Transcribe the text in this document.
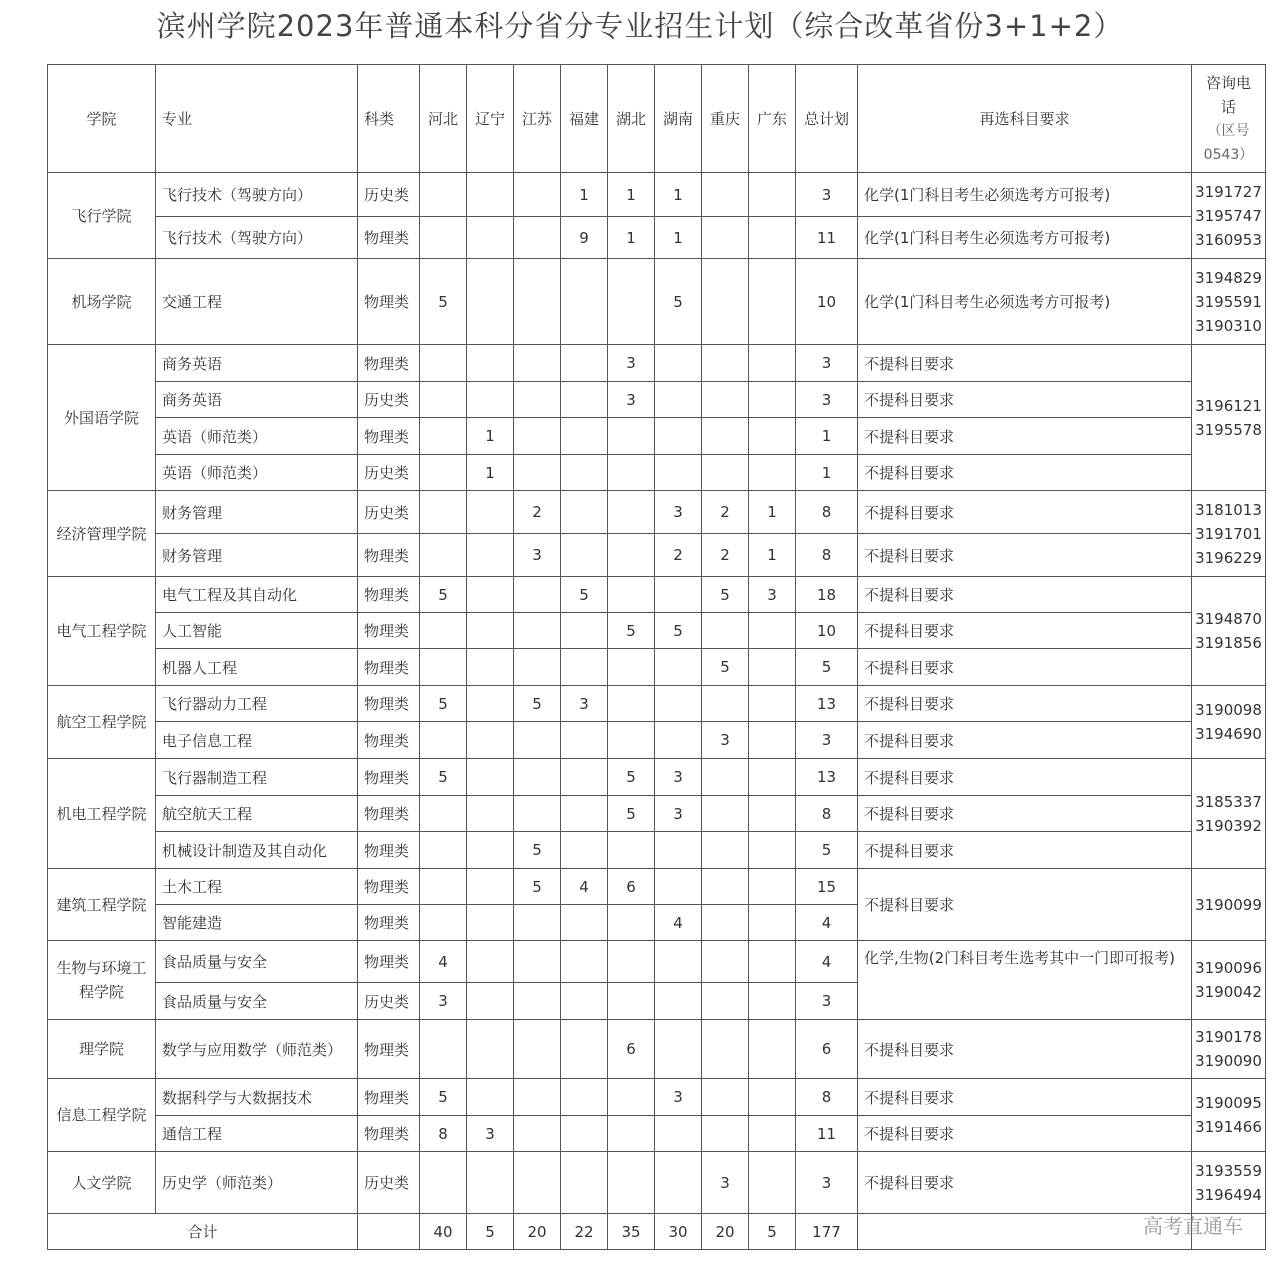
滨州学院2023年普通本科分省分专业招生计划（综合改革省份3+1+2）
学院	专业	科类	河北	辽宁	江苏	福建	湖北	湖南	重庆	广东	总计划	再选科目要求	咨询电
话
（区号
0543）

飞行学院	飞行技术（驾驶方向）	历史类				1	1	1			3	化学(1门科目考生必须选考方可报考)	3191727
3195747
3160953

	飞行技术（驾驶方向）	物理类				9	1	1			11	化学(1门科目考生必须选考方可报考)	
机场学院	交通工程	物理类	5					5			10	化学(1门科目考生必须选考方可报考)	3194829
3195591
3190310

外国语学院	商务英语	物理类					3				3	不提科目要求	3196121
3195578

	商务英语	历史类					3				3	不提科目要求	
	英语（师范类）	物理类		1							1	不提科目要求	
	英语（师范类）	历史类		1							1	不提科目要求	
经济管理学院	财务管理	历史类			2			3	2	1	8	不提科目要求	3181013
3191701
3196229

	财务管理	物理类			3			2	2	1	8	不提科目要求	
电气工程学院	电气工程及其自动化	物理类	5			5			5	3	18	不提科目要求	3194870
3191856

	人工智能	物理类					5	5			10	不提科目要求	
	机器人工程	物理类							5		5	不提科目要求	
航空工程学院	飞行器动力工程	物理类	5		5	3					13	不提科目要求	3190098
3194690

	电子信息工程	物理类							3		3	不提科目要求	
机电工程学院	飞行器制造工程	物理类	5				5	3			13	不提科目要求	3185337
3190392

	航空航天工程	物理类					5	3			8	不提科目要求	
	机械设计制造及其自动化	物理类			5						5	不提科目要求	
建筑工程学院	土木工程	物理类			5	4	6				15	不提科目要求	3190099

	智能建造	物理类						4			4		
生物与环境工程学院	食品质量与安全	物理类	4								4	化学,生物(2门科目考生选考其中一门即可报考)	3190096
3190042

	食品质量与安全	历史类	3								3		
理学院	数学与应用数学（师范类）	物理类					6				6	不提科目要求	3190178
3190090

信息工程学院	数据科学与大数据技术	物理类	5					3			8	不提科目要求	3190095
3191466

	通信工程	物理类	8	3							11	不提科目要求	
人文学院	历史学（师范类）	历史类							3		3	不提科目要求	3193559
3196494

合计			40	5	20	22	35	30	20	5	177			高考直通车
